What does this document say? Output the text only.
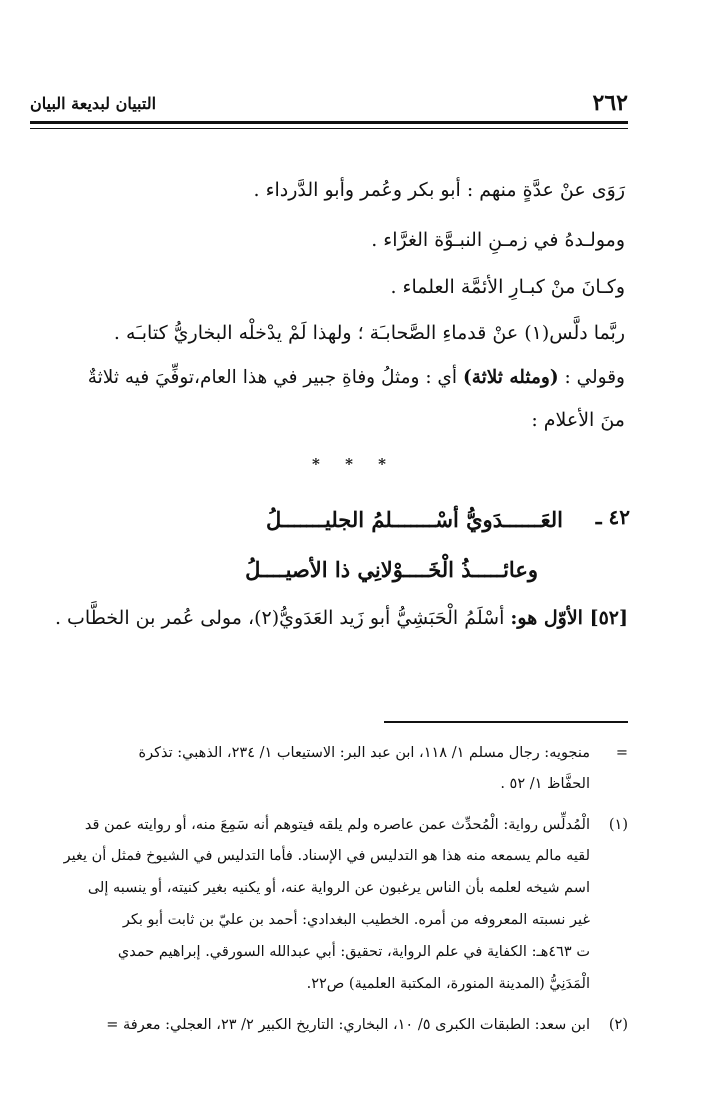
التبيان لبديعة البيان	٢٦٢
رَوَى عنْ عدَّةٍ منهم : أبو بكر وعُمر وأبو الدَّرداء .
ومولـدهُ في زمـنِ النبـوَّة الغرَّاء .
وكـانَ منْ كبـارِ الأئمَّة العلماء .
ربَّما دلَّس(١) عنْ قدماءِ الصَّحابـَة ؛ ولهذا لَمْ يدْخلْه البخاريُّ كتابـَه .
وقولي : (ومثله ثلاثة) أي : ومثلُ وفاةِ جبير في هذا العام،توفِّيَ فيه ثلاثةٌ
منَ الأعلام :
* * *
٤٢ ـ
العَــــــدَويُّ أسْـــــــلمُ الجليـــــــلُ
وعائـــــذُ الْخَــــوْلانِي ذا الأصيــــلُ
[٥٢] الأوّل هو: أسْلَمُ الْحَبَشِيُّ أبو زَيد العَدَويُّ(٢)، مولى عُمر بن الخطَّاب .
=
منجويه: رجال مسلم ١/ ١١٨، ابن عبد البر: الاستيعاب ١/ ٢٣٤، الذهبي: تذكرة
الحفَّاظ ١/ ٥٢ .
(١)
الْمُدلِّس رواية: الْمُحدِّث عمن عاصره ولم يلقه فيتوهم أنه سَمِعَ منه، أو روايته عمن قد
لقيه مالم يسمعه منه هذا هو التدليس في الإسناد. فأما التدليس في الشيوخ فمثل أن يغير
اسم شيخه لعلمه بأن الناس يرغبون عن الرواية عنه، أو يكنيه بغير كنيته، أو ينسبه إلى
غير نسبته المعروفه من أمره. الخطيب البغدادي: أحمد بن عليّ بن ثابت أبو بكر
ت ٤٦٣هـ: الكفاية في علم الرواية، تحقيق: أبي عبدالله السورقي. إبراهيم حمدي
الْمَدَنِيُّ (المدينة المنورة، المكتبة العلمية) ص٢٢.
(٢)
ابن سعد: الطبقات الكبرى ٥/ ١٠، البخاري: التاريخ الكبير ٢/ ٢٣، العجلي: معرفة =
